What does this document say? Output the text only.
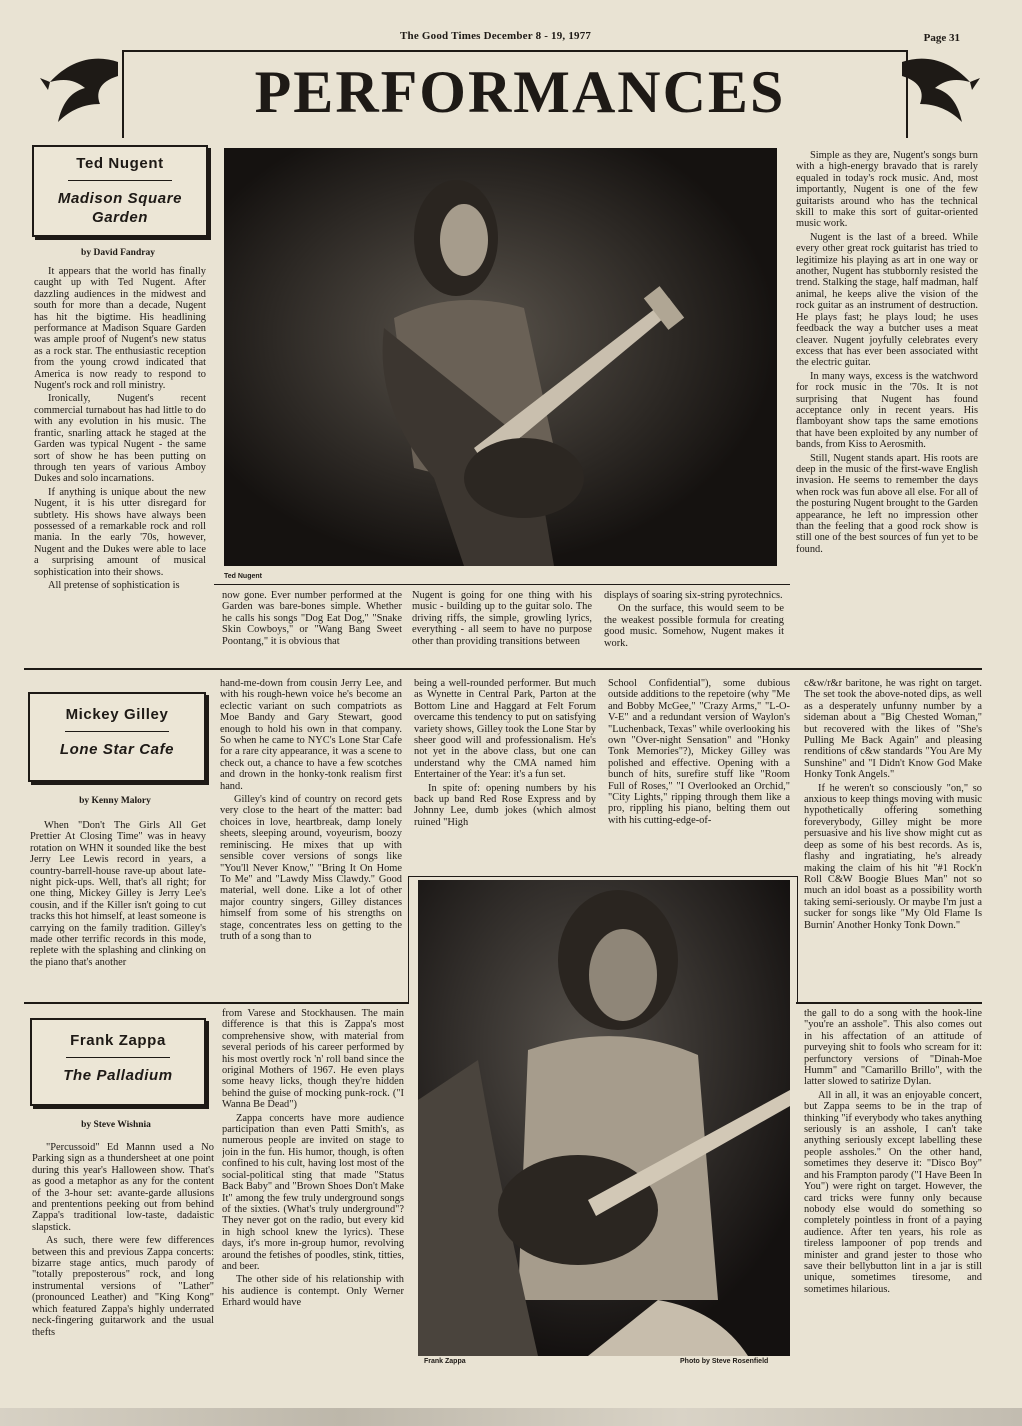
The Good Times December 8 - 19, 1977	Page 31
PERFORMANCES
Ted Nugent
Madison Square Garden
by David Fandray

It appears that the world has finally caught up with Ted Nugent. After dazzling audiences in the midwest and south for more than a decade, Nugent has hit the bigtime. His headlining performance at Madison Square Garden was ample proof of Nugent's new status as a rock star. The enthusiastic reception from the young crowd indicated that America is now ready to respond to Nugent's rock and roll ministry.

Ironically, Nugent's recent commercial turnabout has had little to do with any evolution in his music. The frantic, snarling attack he staged at the Garden was typical Nugent - the same sort of show he has been putting on through ten years of various Amboy Dukes and solo incarnations.

If anything is unique about the new Nugent, it is his utter disregard for subtlety. His shows have always been possessed of a remarkable rock and roll mania. In the early '70s, however, Nugent and the Dukes were able to lace a surprising amount of musical sophistication into their shows.

All pretense of sophistication is

Ted Nugent

now gone. Ever number performed at the Garden was bare-bones simple. Whether he calls his songs "Dog Eat Dog," "Snake Skin Cowboys," or "Wang Bang Sweet Poontang," it is obvious that

Nugent is going for one thing with his music - building up to the guitar solo. The driving riffs, the simple, growling lyrics, everything - all seem to have no purpose other than providing transitions between

displays of soaring six-string pyrotechnics.

On the surface, this would seem to be the weakest possible formula for creating good music. Somehow, Nugent makes it work.

Simple as they are, Nugent's songs burn with a high-energy bravado that is rarely equaled in today's rock music. And, most importantly, Nugent is one of the few guitarists around who has the technical skill to make this sort of guitar-oriented music work.

Nugent is the last of a breed. While every other great rock guitarist has tried to legitimize his playing as art in one way or another, Nugent has stubbornly resisted the trend. Stalking the stage, half madman, half animal, he keeps alive the vision of the rock guitar as an instrument of destruction. He plays fast; he plays loud; he uses feedback the way a butcher uses a meat cleaver. Nugent joyfully celebrates every excess that has ever been associated witht the electric guitar.

In many ways, excess is the watchword for rock music in the '70s. It is not surprising that Nugent has found acceptance only in recent years. His flamboyant show taps the same emotions that have been exploited by any number of bands, from Kiss to Aerosmith.

Still, Nugent stands apart. His roots are deep in the music of the first-wave English invasion. He seems to remember the days when rock was fun above all else. For all of the posturing Nugent brought to the Garden appearance, he left no impression other than the feeling that a good rock show is still one of the best sources of fun yet to be found.

Mickey Gilley
Lone Star Cafe
by Kenny Malory

When "Don't The Girls All Get Prettier At Closing Time" was in heavy rotation on WHN it sounded like the best Jerry Lee Lewis record in years, a country-barrell-house rave-up about late-night pick-ups. Well, that's all right; for one thing, Mickey Gilley is Jerry Lee's cousin, and if the Killer isn't going to cut tracks this hot himself, at least someone is carrying on the family tradition. Gilley's made other terrific records in this mode, replete with the splashing and clinking on the piano that's another

hand-me-down from cousin Jerry Lee, and with his rough-hewn voice he's become an eclectic variant on such compatriots as Moe Bandy and Gary Stewart, good enough to hold his own in that company. So when he came to NYC's Lone Star Cafe for a rare city appearance, it was a scene to check out, a chance to have a few scotches and drown in the honky-tonk realism first hand.

Gilley's kind of country on record gets very close to the heart of the matter: bad choices in love, heartbreak, damp lonely sheets, sleeping around, voyeurism, boozy reminiscing. He mixes that up with sensible cover versions of songs like "You'll Never Know," "Bring It On Home To Me" and "Lawdy Miss Clawdy." Good material, well done. Like a lot of other major country singers, Gilley distances himself from some of his strengths on stage, concentrates less on getting to the truth of a song than to

being a well-rounded performer. But much as Wynette in Central Park, Parton at the Bottom Line and Haggard at Felt Forum overcame this tendency to put on satisfying variety shows, Gilley took the Lone Star by sheer good will and professionalism. He's not yet in the above class, but one can understand why the CMA named him Entertainer of the Year: it's a fun set.

In spite of: opening numbers by his back up band Red Rose Express and by Johnny Lee, dumb jokes (which almost ruined "High

School Confidential"), some dubious outside additions to the repetoire (why "Me and Bobby McGee," "Crazy Arms," "L-O-V-E" and a redundant version of Waylon's "Luchenback, Texas" while overlooking his own "Over-night Sensation" and "Honky Tonk Memories"?), Mickey Gilley was polished and effective. Opening with a bunch of hits, surefire stuff like "Room Full of Roses," "I Overlooked an Orchid," "City Lights," ripping through them like a pro, rippling his piano, belting them out with his cutting-edge-of-

c&w/r&r baritone, he was right on target. The set took the above-noted dips, as well as a desperately unfunny number by a sideman about a "Big Chested Woman," but recovered with the likes of "She's Pulling Me Back Again" and pleasing renditions of c&w standards "You Are My Sunshine" and "I Didn't Know God Make Honky Tonk Angels."

If he weren't so consciously "on," so anxious to keep things moving with music hypothetically offering something foreverybody, Gilley might be more persuasive and his live show might cut as deep as some of his best records. As is, flashy and ingratiating, he's already making the claim of his hit "#1 Rock'n Roll C&W Boogie Blues Man" not so much an idol boast as a possibility worth taking semi-seriously. Or maybe I'm just a sucker for songs like "My Old Flame Is Burnin' Another Honky Tonk Down."

Frank Zappa
The Palladium
by Steve Wishnia

"Percussoid" Ed Mannn used a No Parking sign as a thundersheet at one point during this year's Halloween show. That's as good a metaphor as any for the content of the 3-hour set: avante-garde allusions and prententions peeking out from behind Zappa's traditional low-taste, dadaistic slapstick.

As such, there were few differences between this and previous Zappa concerts: bizarre stage antics, much parody of "totally preposterous" rock, and long instrumental versions of "Lather" (pronounced Leather) and "King Kong" which featured Zappa's highly underrated neck-fingering guitarwork and the usual thefts

from Varese and Stockhausen. The main difference is that this is Zappa's most comprehensive show, with material from several periods of his career performed by his most overtly rock 'n' roll band since the original Mothers of 1967. He even plays some heavy licks, though they're hidden behind the guise of mocking punk-rock. ("I Wanna Be Dead")

Zappa concerts have more audience participation than even Patti Smith's, as numerous people are invited on stage to join in the fun. His humor, though, is often confined to his cult, having lost most of the social-political sting that made "Status Back Baby" and "Brown Shoes Don't Make It" among the few truly underground songs of the sixties. (What's truly underground"? They never got on the radio, but every kid in high school knew the lyrics). These days, it's more in-group humor, revolving around the fetishes of poodles, stink, titties, and beer.

The other side of his relationship with his audience is contempt. Only Werner Erhard would have

Frank Zappa	Photo by Steve Rosenfield

the gall to do a song with the hook-line "you're an asshole". This also comes out in his affectation of an attitude of purveying shit to fools who scream for it: perfunctory versions of "Dinah-Moe Humm" and "Camarillo Brillo", with the latter slowed to satirize Dylan.

All in all, it was an enjoyable concert, but Zappa seems to be in the trap of thinking "if everybody who takes anything seriously is an asshole, I can't take anything seriously except labelling these people assholes." On the other hand, sometimes they deserve it: "Disco Boy" and his Frampton parody ("I Have Been In You") were right on target. However, the card tricks were funny only because nobody else would do something so completely pointless in front of a paying audience. After ten years, his role as tireless lampooner of pop trends and minister and grand jester to those who save their bellybutton lint in a jar is still unique, sometimes tiresome, and sometimes hilarious.
